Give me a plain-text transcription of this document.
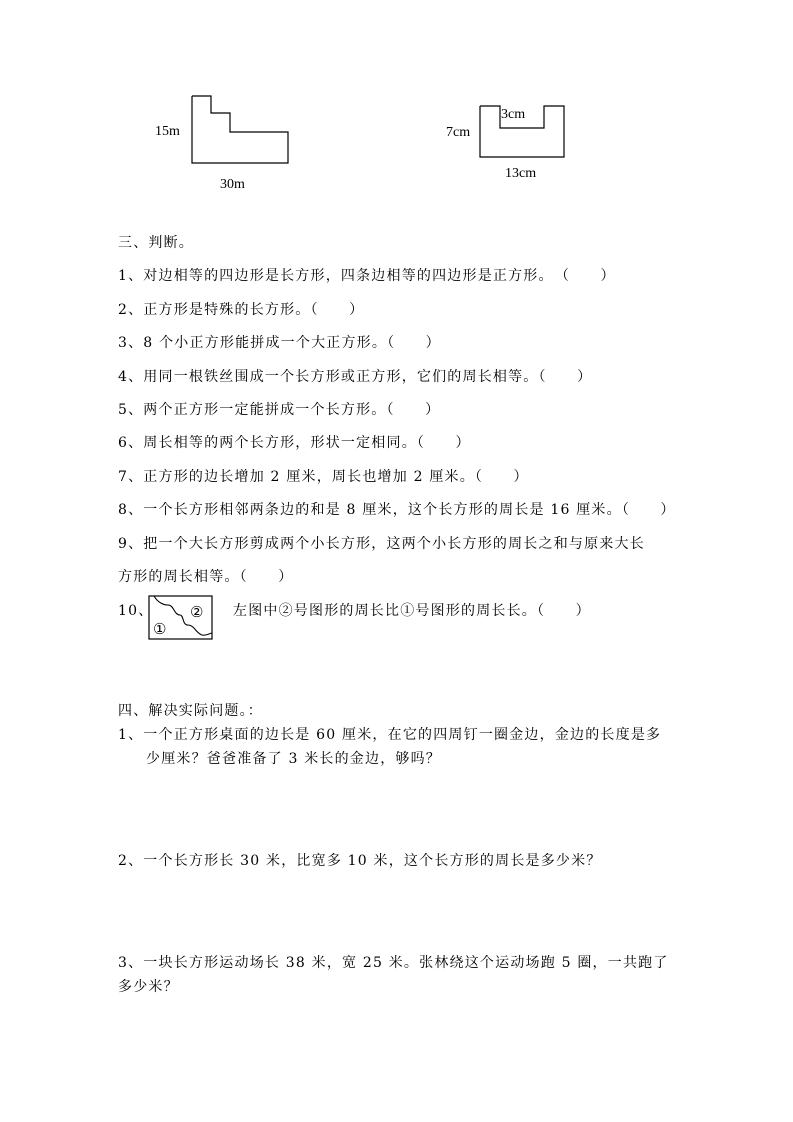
15m
30m
7cm
3cm
13cm
三、判断。
1、对边相等的四边形是长方形，四条边相等的四边形是正方形。　（　　）
2、正方形是特殊的长方形。（　　）
3、8 个小正方形能拼成一个大正方形。（　　）
4、用同一根铁丝围成一个长方形或正方形，它们的周长相等。（　　）
5、两个正方形一定能拼成一个长方形。（　　）
6、周长相等的两个长方形，形状一定相同。（　　）
7、正方形的边长增加 2 厘米，周长也增加 2 厘米。（　　）
8、一个长方形相邻两条边的和是 8 厘米，这个长方形的周长是 16 厘米。（　　）
9、把一个大长方形剪成两个小长方形，这两个小长方形的周长之和与原来大长
方形的周长相等。（　　）
10、
①
② 左图中②号图形的周长比①号图形的周长长。（　　）
四、解决实际问题。：
1、一个正方形桌面的边长是 60 厘米，在它的四周钉一圈金边，金边的长度是多
少厘米？爸爸准备了 3 米长的金边，够吗？
2、一个长方形长 30 米，比宽多 10 米，这个长方形的周长是多少米？
3、一块长方形运动场长 38 米，宽 25 米。张林绕这个运动场跑 5 圈，一共跑了
多少米？
